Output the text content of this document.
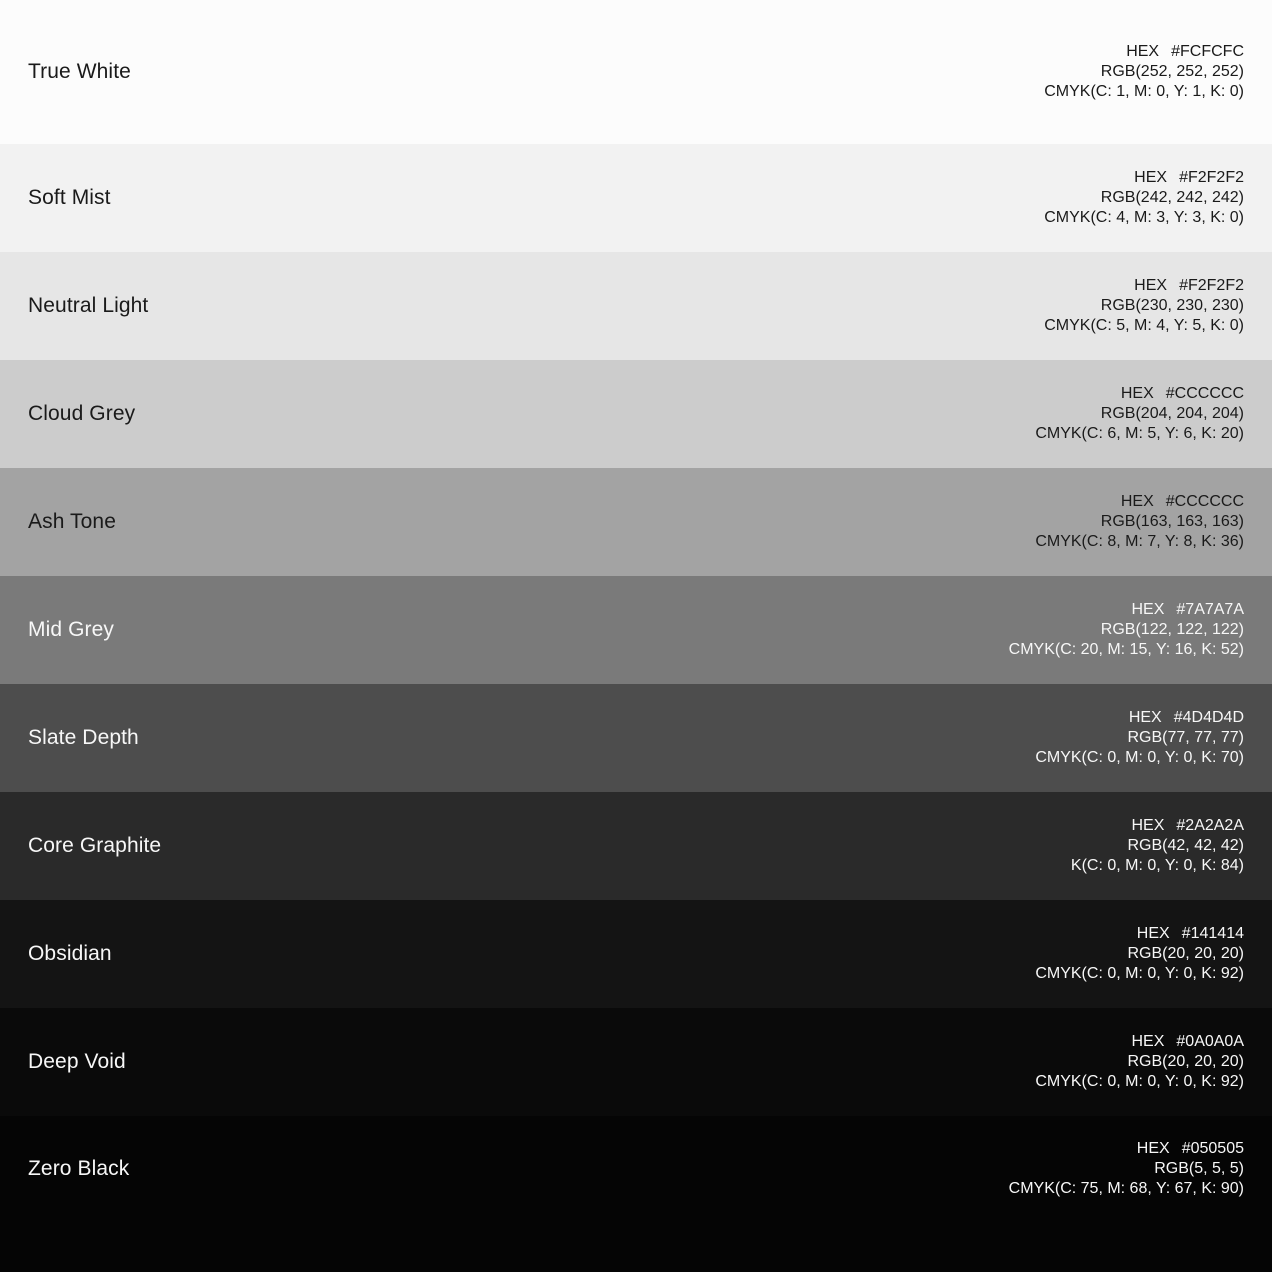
True White
HEX #FCFCFC
RGB(252, 252, 252)
CMYK(C: 1, M: 0, Y: 1, K: 0)
Soft Mist
HEX #F2F2F2
RGB(242, 242, 242)
CMYK(C: 4, M: 3, Y: 3, K: 0)
Neutral Light
HEX #F2F2F2
RGB(230, 230, 230)
CMYK(C: 5, M: 4, Y: 5, K: 0)
Cloud Grey
HEX #CCCCCC
RGB(204, 204, 204)
CMYK(C: 6, M: 5, Y: 6, K: 20)
Ash Tone
HEX #CCCCCC
RGB(163, 163, 163)
CMYK(C: 8, M: 7, Y: 8, K: 36)
Mid Grey
HEX #7A7A7A
RGB(122, 122, 122)
CMYK(C: 20, M: 15, Y: 16, K: 52)
Slate Depth
HEX #4D4D4D
RGB(77, 77, 77)
CMYK(C: 0, M: 0, Y: 0, K: 70)
Core Graphite
HEX #2A2A2A
RGB(42, 42, 42)
K(C: 0, M: 0, Y: 0, K: 84)
Obsidian
HEX #141414
RGB(20, 20, 20)
CMYK(C: 0, M: 0, Y: 0, K: 92)
Deep Void
HEX #0A0A0A
RGB(20, 20, 20)
CMYK(C: 0, M: 0, Y: 0, K: 92)
Zero Black
HEX #050505
RGB(5, 5, 5)
CMYK(C: 75, M: 68, Y: 67, K: 90)
